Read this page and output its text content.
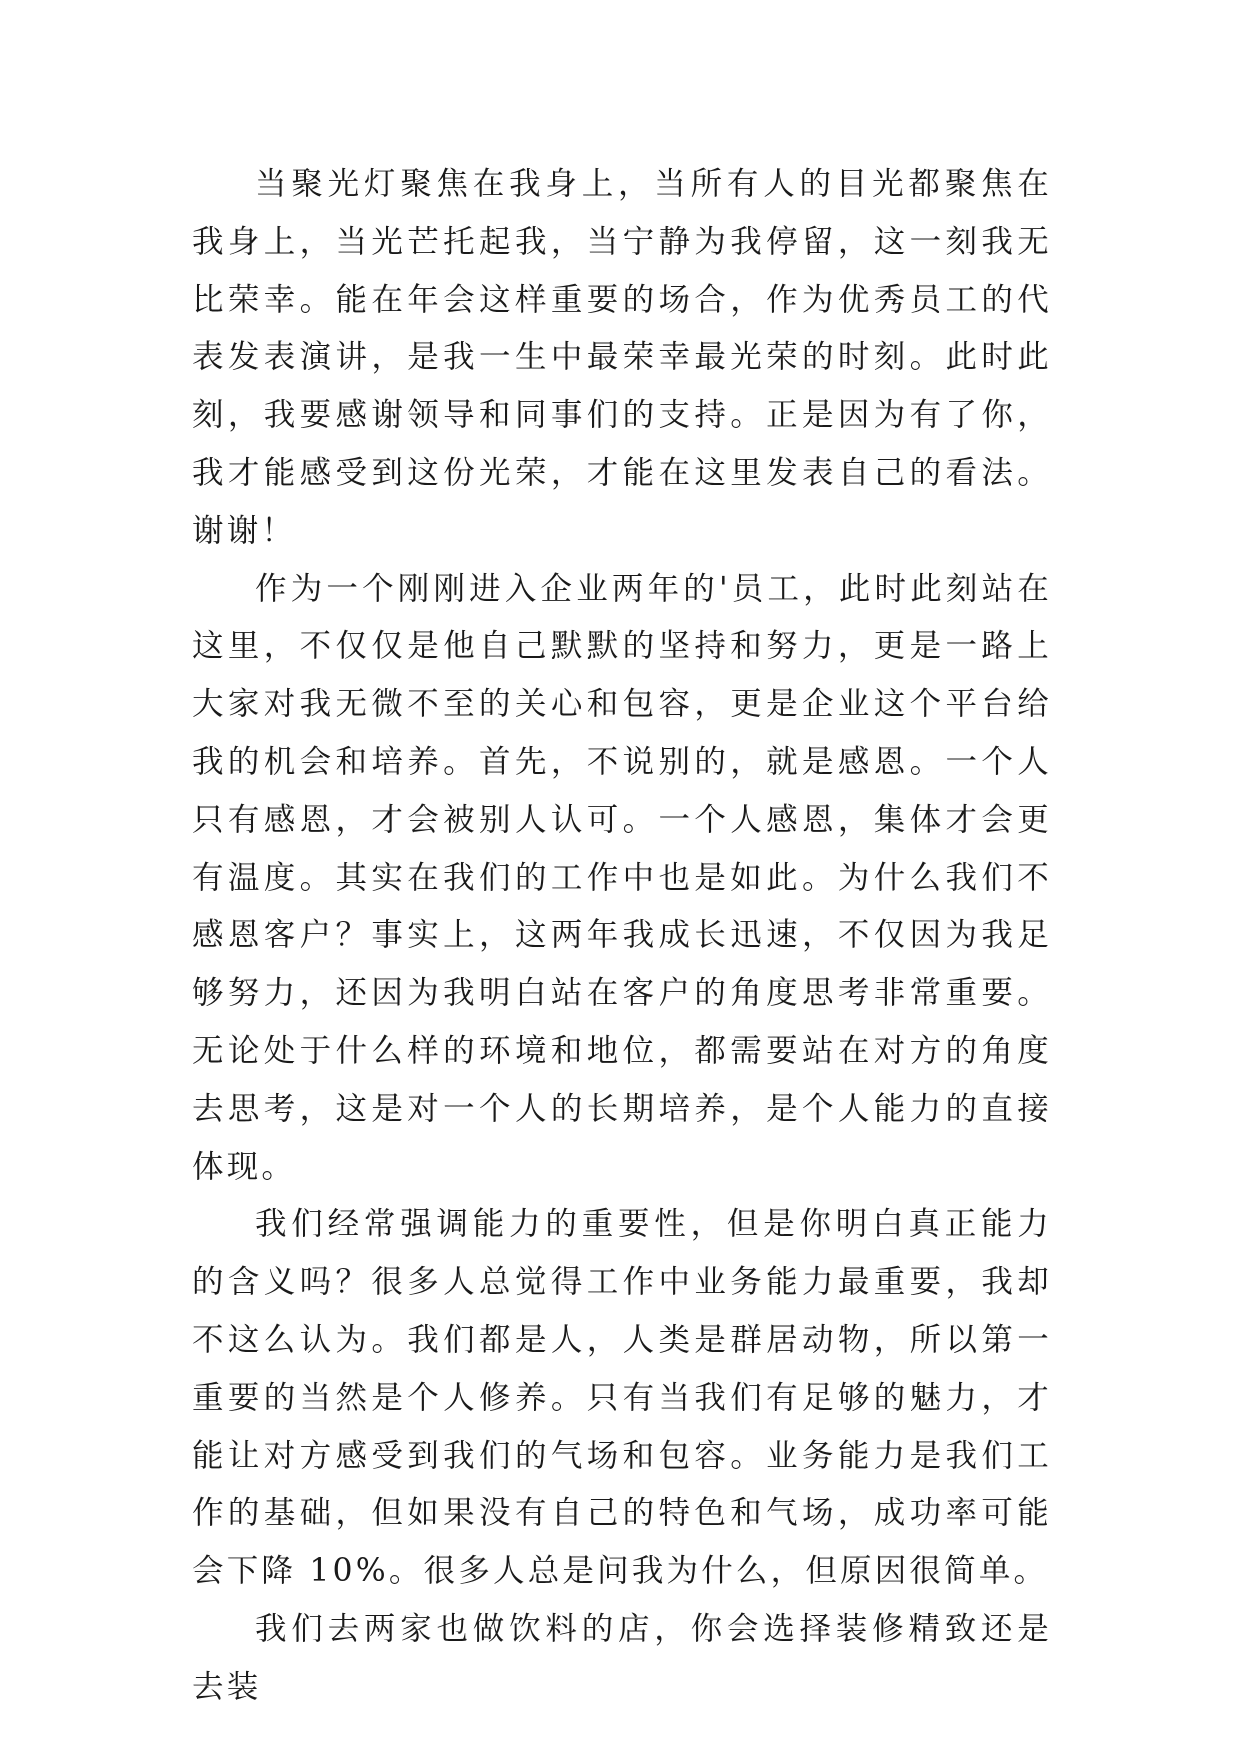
当聚光灯聚焦在我身上，当所有人的目光都聚焦在我身上，当光芒托起我，当宁静为我停留，这一刻我无比荣幸。能在年会这样重要的场合，作为优秀员工的代表发表演讲，是我一生中最荣幸最光荣的时刻。此时此刻，我要感谢领导和同事们的支持。正是因为有了你，我才能感受到这份光荣，才能在这里发表自己的看法。谢谢！

作为一个刚刚进入企业两年的'员工，此时此刻站在这里，不仅仅是他自己默默的坚持和努力，更是一路上大家对我无微不至的关心和包容，更是企业这个平台给我的机会和培养。首先，不说别的，就是感恩。一个人只有感恩，才会被别人认可。一个人感恩，集体才会更有温度。其实在我们的工作中也是如此。为什么我们不感恩客户？事实上，这两年我成长迅速，不仅因为我足够努力，还因为我明白站在客户的角度思考非常重要。无论处于什么样的环境和地位，都需要站在对方的角度去思考，这是对一个人的长期培养，是个人能力的直接体现。

我们经常强调能力的重要性，但是你明白真正能力的含义吗？很多人总觉得工作中业务能力最重要，我却不这么认为。我们都是人，人类是群居动物，所以第一重要的当然是个人修养。只有当我们有足够的魅力，才能让对方感受到我们的气场和包容。业务能力是我们工作的基础，但如果没有自己的特色和气场，成功率可能会下降 10%。很多人总是问我为什么，但原因很简单。

我们去两家也做饮料的店，你会选择装修精致还是去装
